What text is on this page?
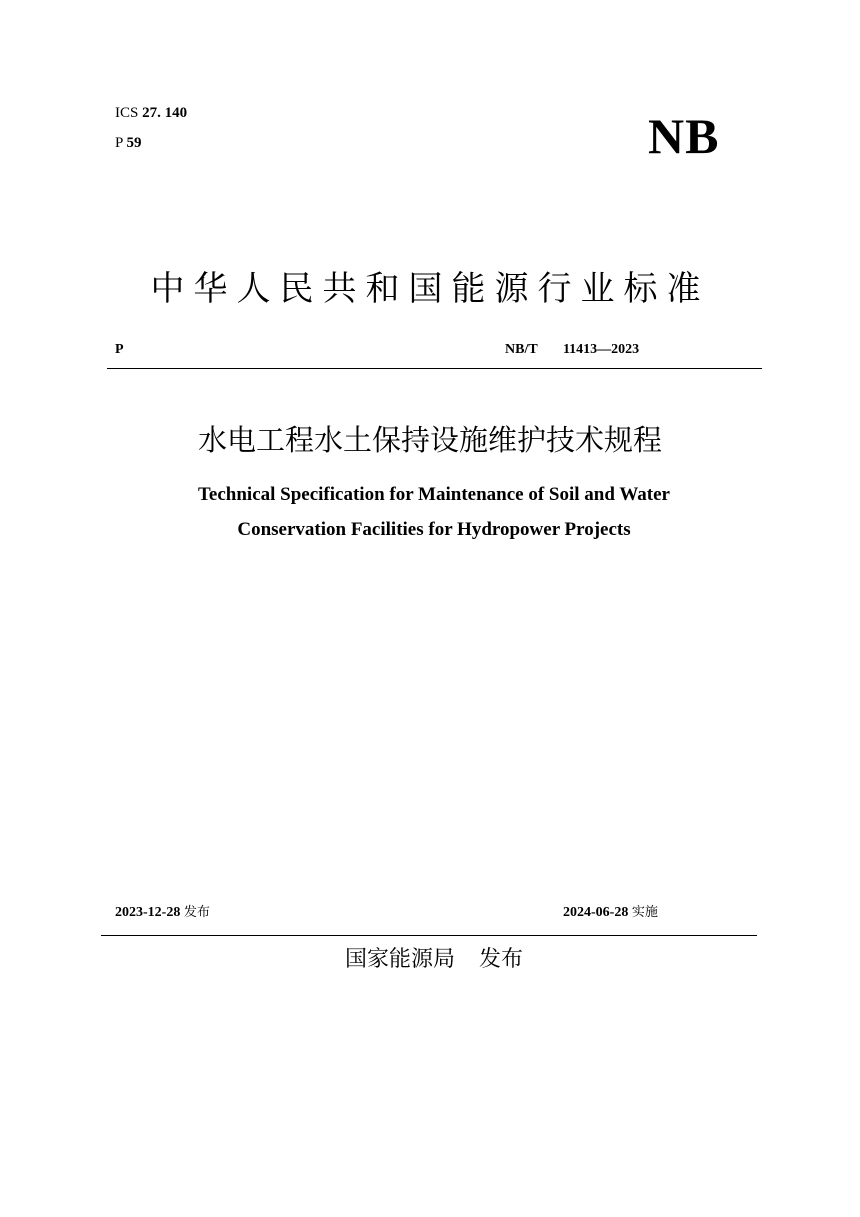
ICS 27. 140
P 59	NB
中华人民共和国能源行业标准
P	NB/T 11413—2023
水电工程水土保持设施维护技术规程
Technical Specification for Maintenance of Soil and Water
Conservation Facilities for Hydropower Projects
2023-12-28 发布	2024-06-28 实施
国家能源局 发布
